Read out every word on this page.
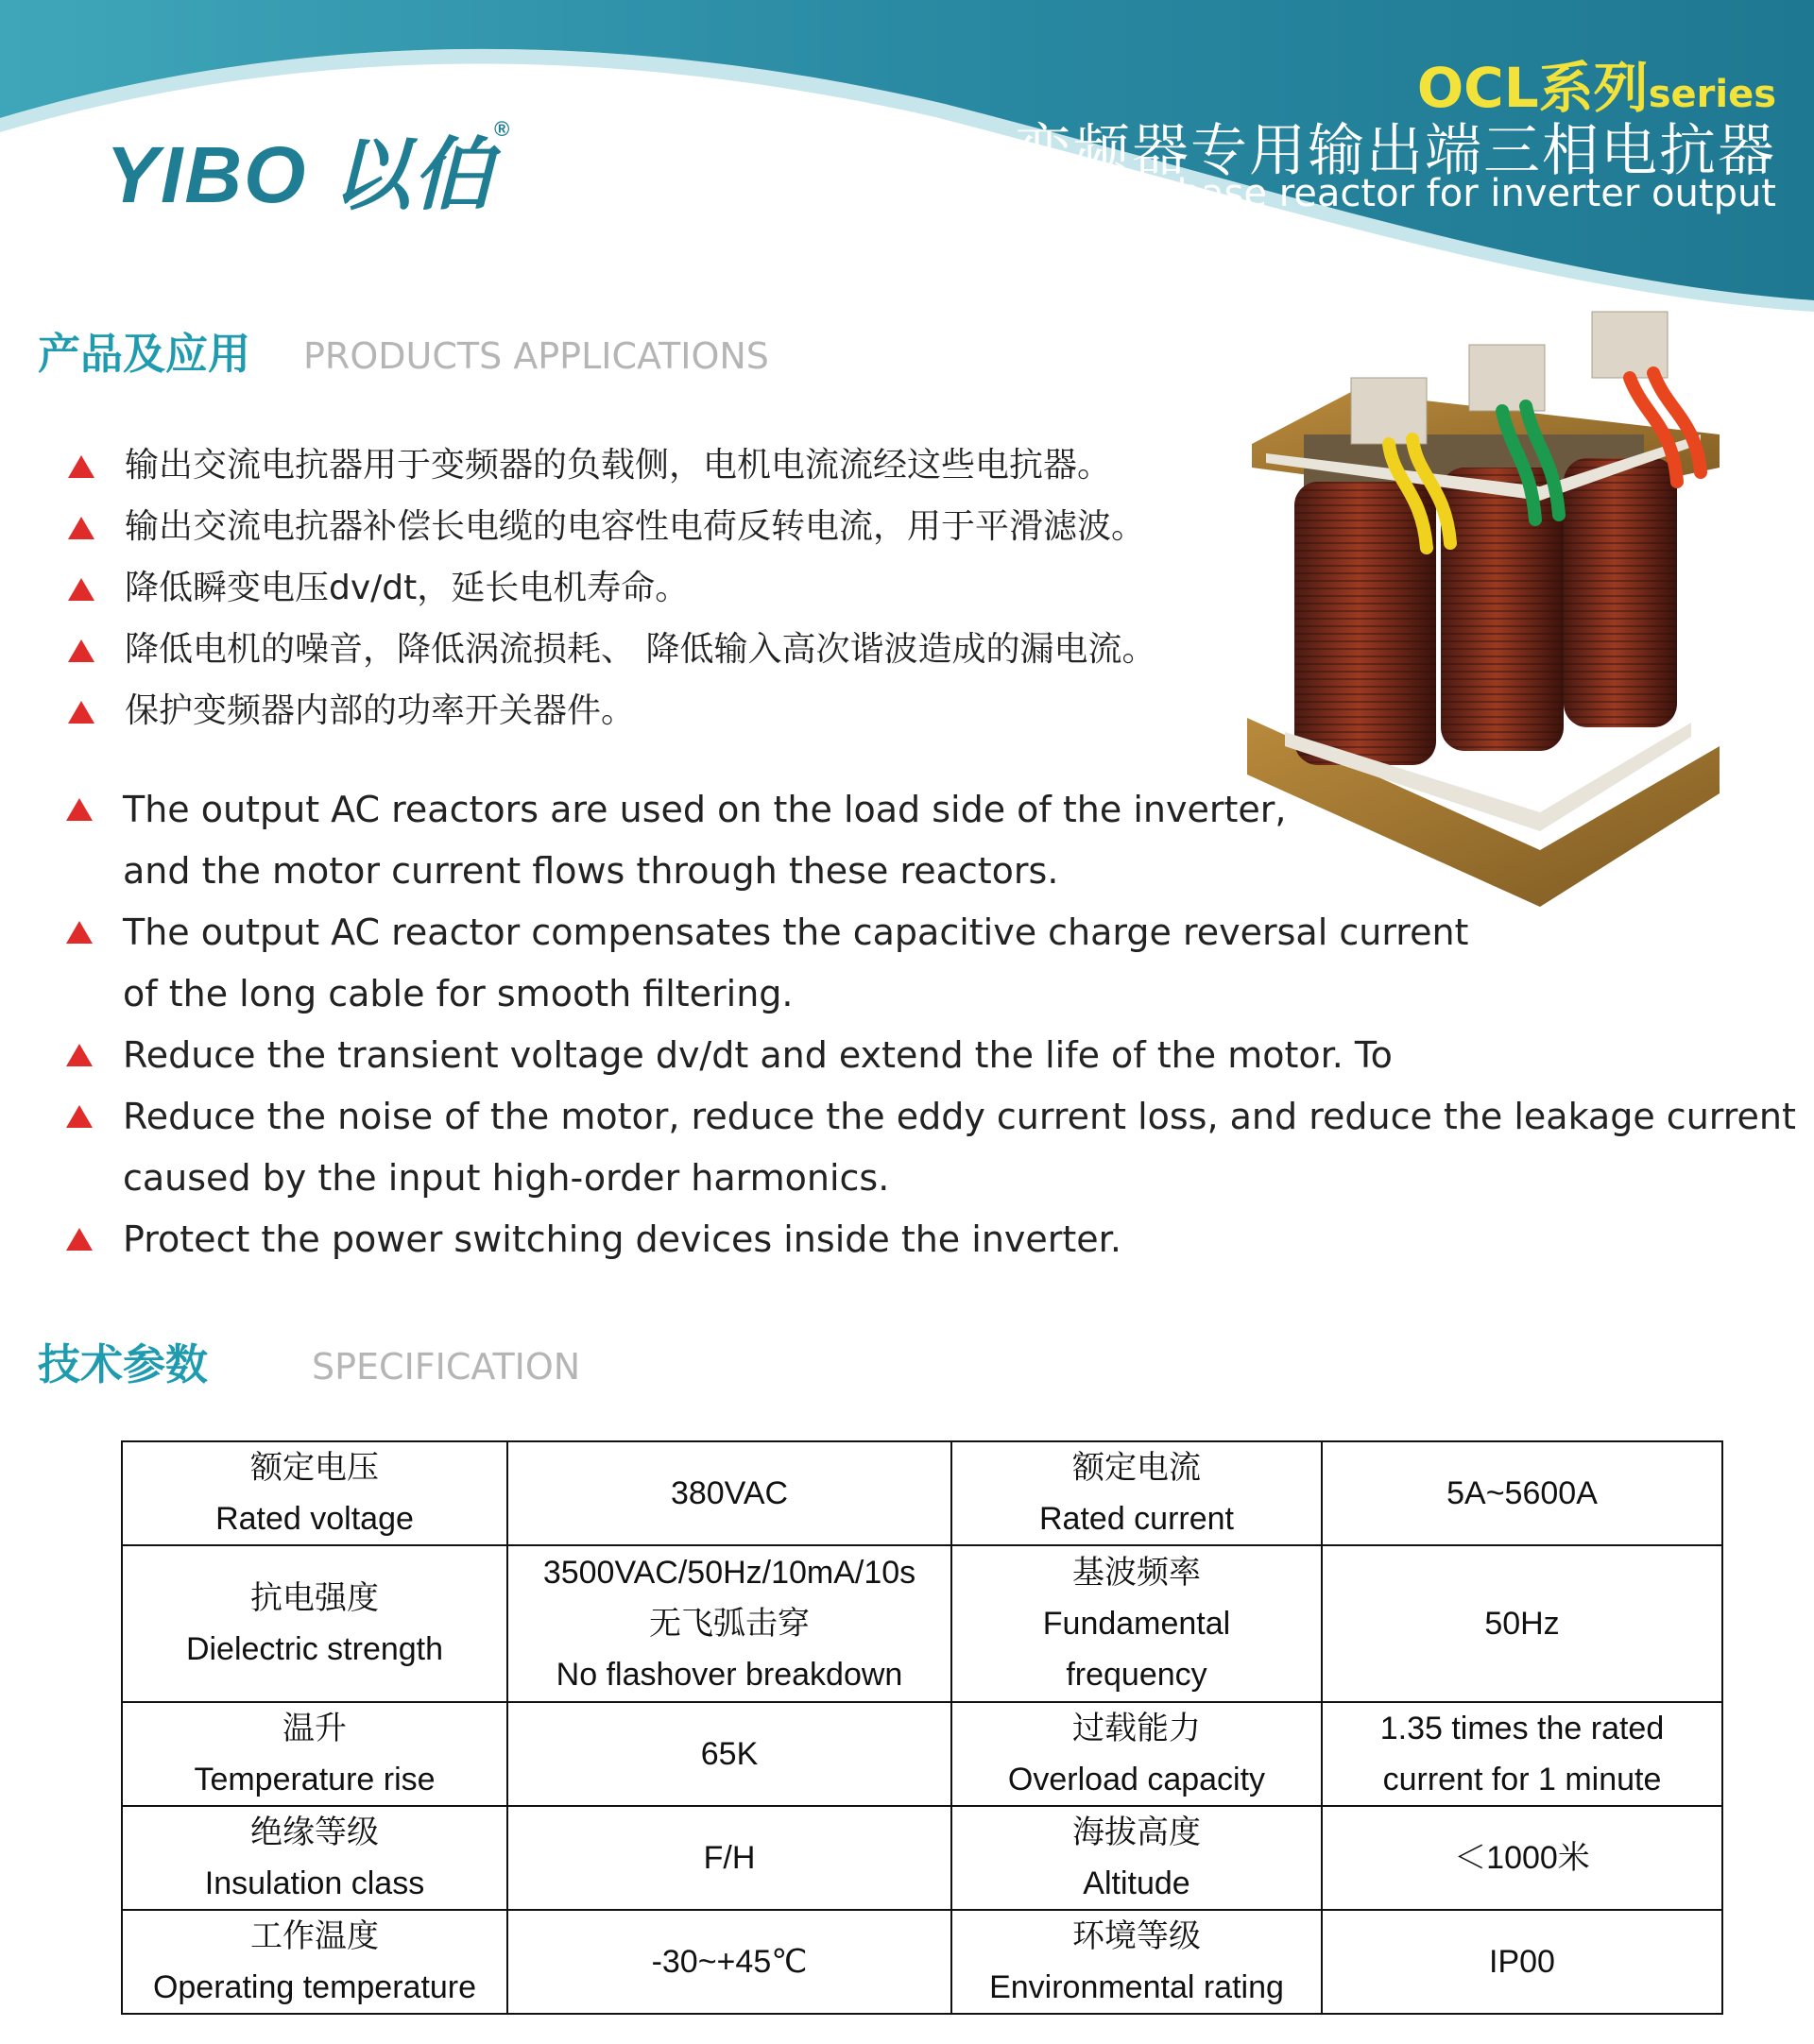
YIBO 以伯®
OCL系列series
变频器专用输出端三相电抗器
Three-phase reactor for inverter output
产品及应用 PRODUCTS APPLICATIONS
输出交流电抗器用于变频器的负载侧，电机电流流经这些电抗器。
输出交流电抗器补偿长电缆的电容性电荷反转电流，用于平滑滤波。
降低瞬变电压dv/dt，延长电机寿命。
降低电机的噪音，降低涡流损耗、 降低输入高次谐波造成的漏电流。
保护变频器内部的功率开关器件。
The output AC reactors are used on the load side of the inverter,
and the motor current flows through these reactors.
The output AC reactor compensates the capacitive charge reversal current
of the long cable for smooth filtering.
Reduce the transient voltage dv/dt and extend the life of the motor. To
Reduce the noise of the motor, reduce the eddy current loss, and reduce the leakage current
caused by the input high-order harmonics.
Protect the power switching devices inside the inverter.
技术参数	SPECIFICATION
额定电压
Rated voltage	380VAC	额定电流
Rated current	5A~5600A

抗电强度
Dielectric strength	3500VAC/50Hz/10mA/10s
无飞弧击穿
No flashover breakdown	基波频率
Fundamental
frequency	50Hz

温升
Temperature rise	65K	过载能力
Overload capacity	1.35 times the rated
current for 1 minute

绝缘等级
Insulation class	F/H	海拔高度
Altitude	＜1000米

工作温度
Operating temperature	-30~+45℃	环境等级
Environmental rating	IP00
